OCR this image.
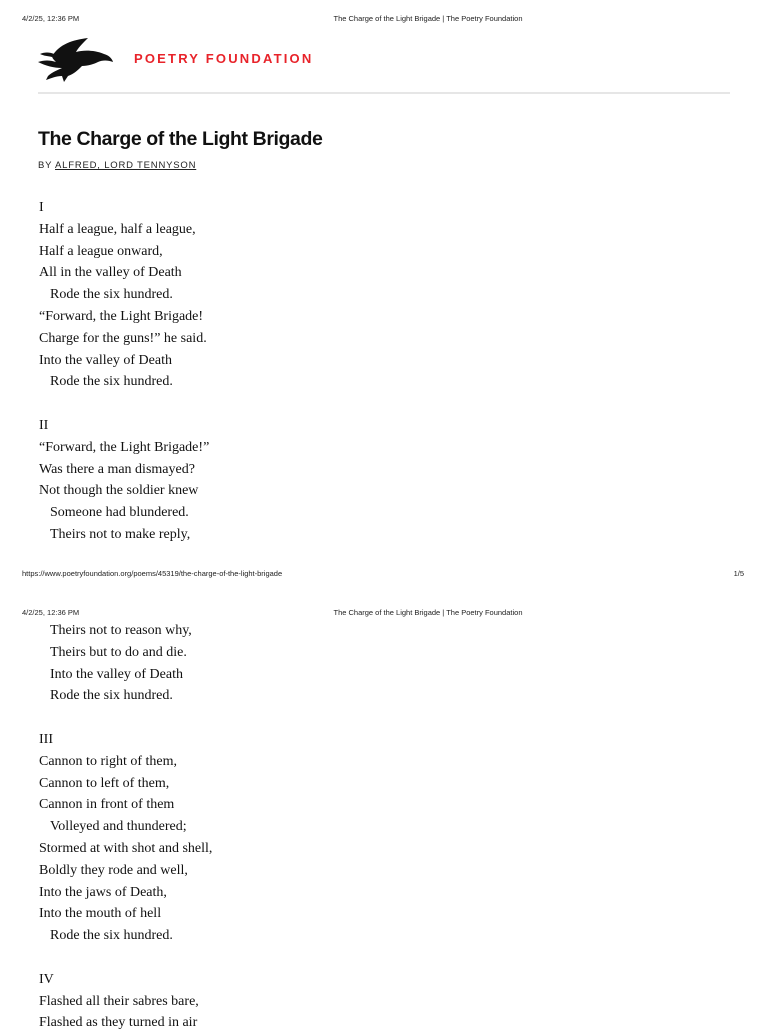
4/2/25, 12:36 PM	The Charge of the Light Brigade | The Poetry Foundation
POETRY FOUNDATION
The Charge of the Light Brigade
BY ALFRED, LORD TENNYSON
I
Half a league, half a league,
Half a league onward,
All in the valley of Death
Rode the six hundred.
“Forward, the Light Brigade!
Charge for the guns!” he said.
Into the valley of Death
Rode the six hundred.
II
“Forward, the Light Brigade!”
Was there a man dismayed?
Not though the soldier knew
Someone had blundered.
Theirs not to make reply,
https://www.poetryfoundation.org/poems/45319/the-charge-of-the-light-brigade	1/5
4/2/25, 12:36 PM	The Charge of the Light Brigade | The Poetry Foundation
Theirs not to reason why,
Theirs but to do and die.
Into the valley of Death
Rode the six hundred.
III
Cannon to right of them,
Cannon to left of them,
Cannon in front of them
Volleyed and thundered;
Stormed at with shot and shell,
Boldly they rode and well,
Into the jaws of Death,
Into the mouth of hell
Rode the six hundred.
IV
Flashed all their sabres bare,
Flashed as they turned in air
